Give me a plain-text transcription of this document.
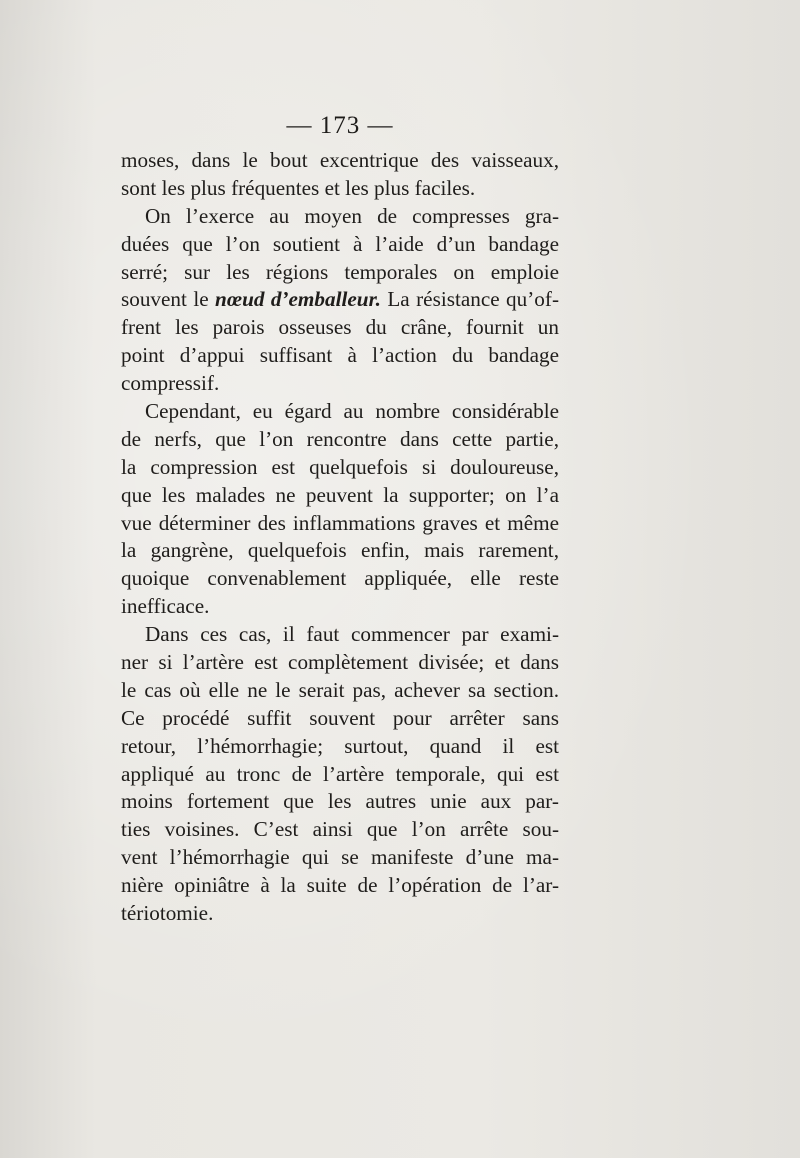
— 173 —
moses, dans le bout excentrique des vaisseaux,
sont les plus fréquentes et les plus faciles.
On l’exerce au moyen de compresses gra-
duées que l’on soutient à l’aide d’un bandage
serré; sur les régions temporales on emploie
souvent le nœud d’emballeur. La résistance qu’of-
frent les parois osseuses du crâne, fournit un
point d’appui suffisant à l’action du bandage
compressif.
Cependant, eu égard au nombre considérable
de nerfs, que l’on rencontre dans cette partie,
la compression est quelquefois si douloureuse,
que les malades ne peuvent la supporter; on l’a
vue déterminer des inflammations graves et même
la gangrène, quelquefois enfin, mais rarement,
quoique convenablement appliquée, elle reste
inefficace.
Dans ces cas, il faut commencer par exami-
ner si l’artère est complètement divisée; et dans
le cas où elle ne le serait pas, achever sa section.
Ce procédé suffit souvent pour arrêter sans
retour, l’hémorrhagie; surtout, quand il est
appliqué au tronc de l’artère temporale, qui est
moins fortement que les autres unie aux par-
ties voisines. C’est ainsi que l’on arrête sou-
vent l’hémorrhagie qui se manifeste d’une ma-
nière opiniâtre à la suite de l’opération de l’ar-
tériotomie.
